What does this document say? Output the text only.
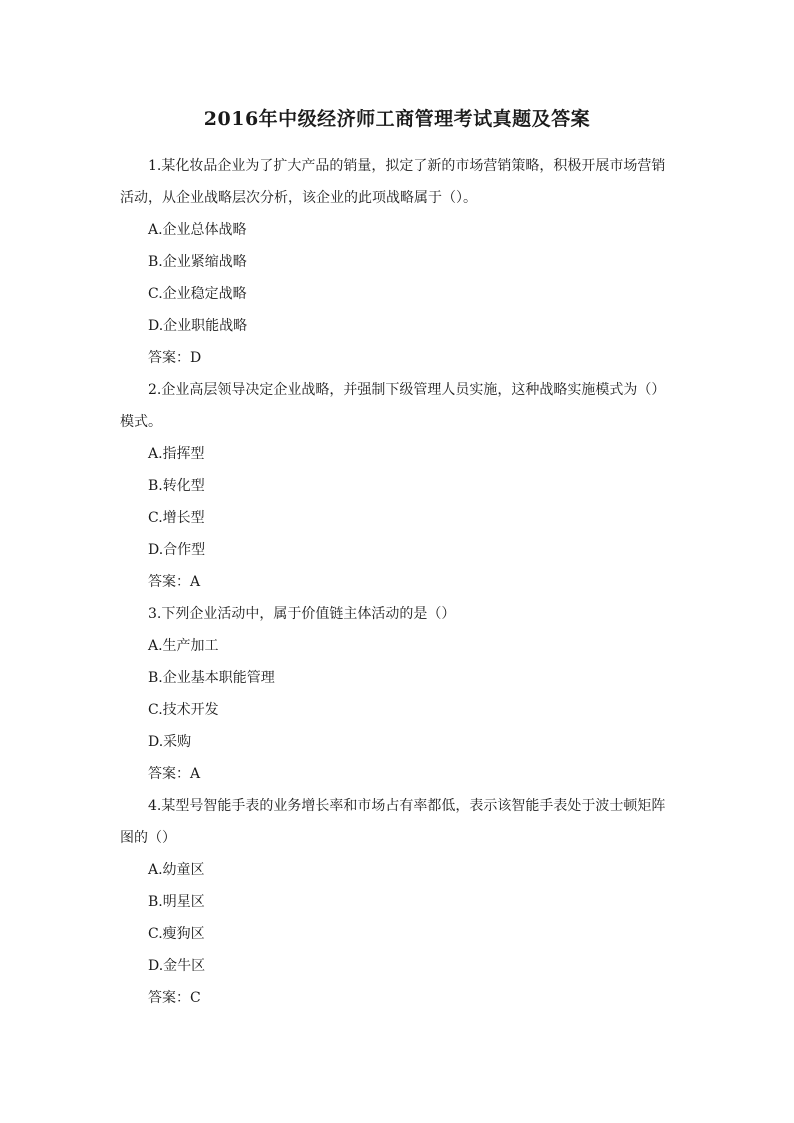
2016年中级经济师工商管理考试真题及答案
1.某化妆品企业为了扩大产品的销量，拟定了新的市场营销策略，积极开展市场营销
活动，从企业战略层次分析，该企业的此项战略属于（）。
A.企业总体战略
B.企业紧缩战略
C.企业稳定战略
D.企业职能战略
答案：D
2.企业高层领导决定企业战略，并强制下级管理人员实施，这种战略实施模式为（）
模式。
A.指挥型
B.转化型
C.增长型
D.合作型
答案：A
3.下列企业活动中，属于价值链主体活动的是（）
A.生产加工
B.企业基本职能管理
C.技术开发
D.采购
答案：A
4.某型号智能手表的业务增长率和市场占有率都低，表示该智能手表处于波士顿矩阵
图的（）
A.幼童区
B.明星区
C.瘦狗区
D.金牛区
答案：C
